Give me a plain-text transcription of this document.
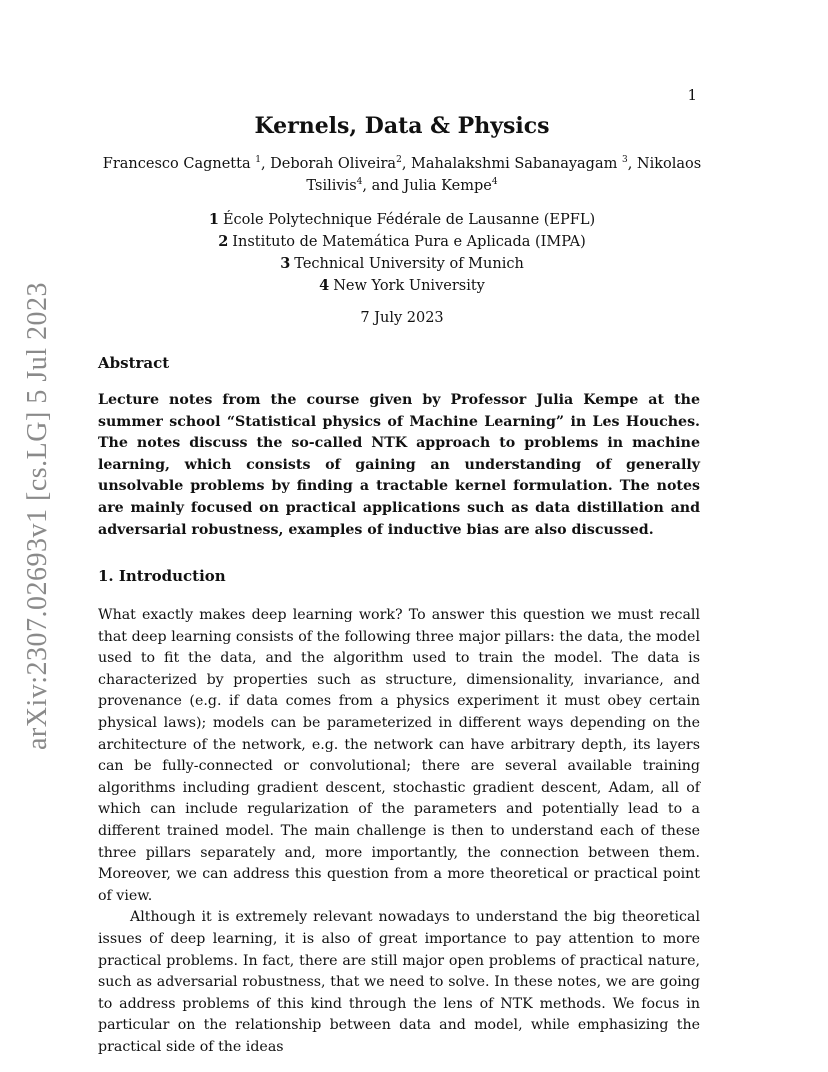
1
arXiv:2307.02693v1 [cs.LG] 5 Jul 2023
Kernels, Data & Physics
Francesco Cagnetta $^1$, Deborah Oliveira$^2$, Mahalakshmi Sabanayagam $^3$, Nikolaos Tsilivis$^4$, and Julia Kempe$^4$
1 École Polytechnique Fédérale de Lausanne (EPFL)
2 Instituto de Matemática Pura e Aplicada (IMPA)
3 Technical University of Munich
4 New York University
7 July 2023
Abstract
Lecture notes from the course given by Professor Julia Kempe at the summer school “Statistical physics of Machine Learning” in Les Houches. The notes discuss the so-called NTK approach to problems in machine learning, which consists of gaining an understanding of generally unsolvable problems by finding a tractable kernel formulation. The notes are mainly focused on practical applications such as data distillation and adversarial robustness, examples of inductive bias are also discussed.
1. Introduction

What exactly makes deep learning work? To answer this question we must recall that deep learning consists of the following three major pillars: the data, the model used to fit the data, and the algorithm used to train the model. The data is characterized by properties such as structure, dimensionality, invariance, and provenance (e.g. if data comes from a physics experiment it must obey certain physical laws); models can be parameterized in different ways depending on the architecture of the network, e.g. the network can have arbitrary depth, its layers can be fully-connected or convolutional; there are several available training algorithms including gradient descent, stochastic gradient descent, Adam, all of which can include regularization of the parameters and potentially lead to a different trained model. The main challenge is then to understand each of these three pillars separately and, more importantly, the connection between them. Moreover, we can address this question from a more theoretical or practical point of view.

Although it is extremely relevant nowadays to understand the big theoretical issues of deep learning, it is also of great importance to pay attention to more practical problems. In fact, there are still major open problems of practical nature, such as adversarial robustness, that we need to solve. In these notes, we are going to address problems of this kind through the lens of NTK methods. We focus in particular on the relationship between data and model, while emphasizing the practical side of the ideas
